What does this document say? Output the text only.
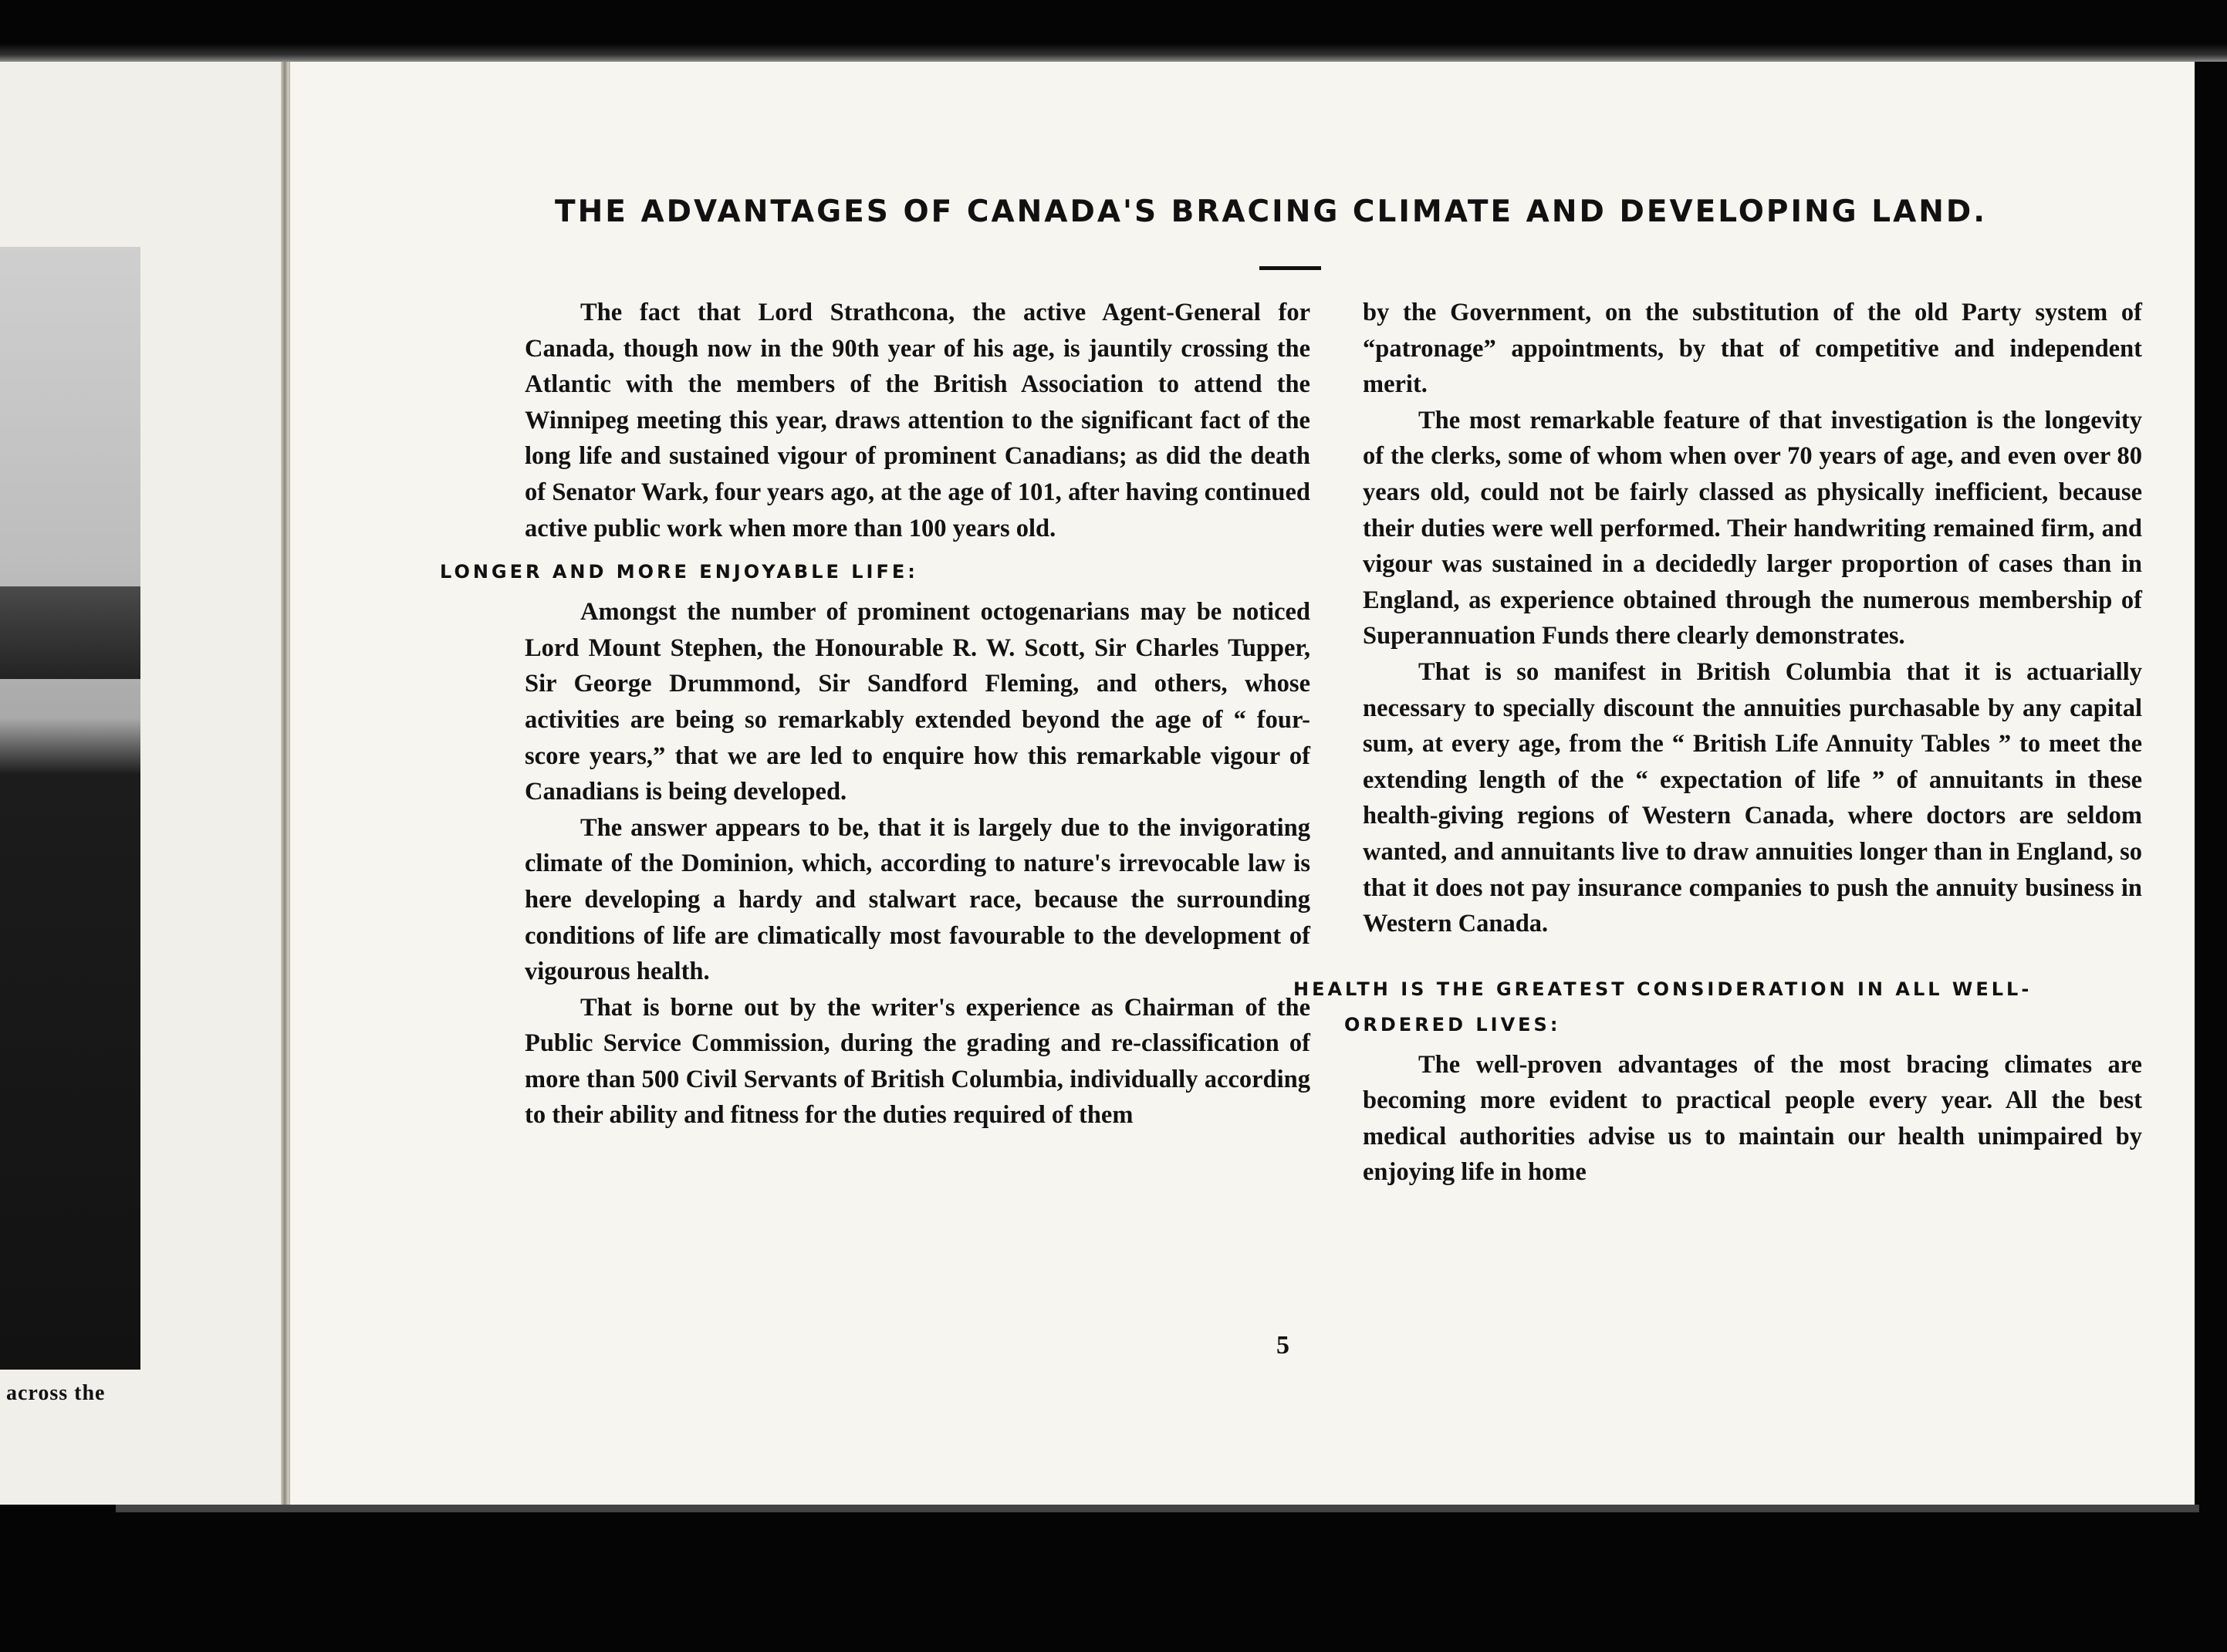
across the
THE ADVANTAGES OF CANADA'S BRACING CLIMATE AND DEVELOPING LAND.

The fact that Lord Strathcona, the active Agent-General for Canada, though now in the 90th year of his age, is jauntily crossing the Atlantic with the members of the British Association to attend the Winnipeg meeting this year, draws attention to the significant fact of the long life and sustained vigour of prominent Canadians; as did the death of Senator Wark, four years ago, at the age of 101, after having continued active public work when more than 100 years old.

LONGER AND MORE ENJOYABLE LIFE:

Amongst the number of prominent octogenarians may be noticed Lord Mount Stephen, the Honourable R. W. Scott, Sir Charles Tupper, Sir George Drummond, Sir Sandford Fleming, and others, whose activities are being so remarkably extended beyond the age of “ four-score years,” that we are led to enquire how this remarkable vigour of Canadians is being developed.

The answer appears to be, that it is largely due to the invigorating climate of the Dominion, which, according to nature's irrevocable law is here developing a hardy and stalwart race, because the surrounding conditions of life are climatically most favourable to the development of vigourous health.

That is borne out by the writer's experience as Chairman of the Public Service Commission, during the grading and re-classification of more than 500 Civil Servants of British Columbia, individually according to their ability and fitness for the duties required of them

by the Government, on the substitution of the old Party system of “patronage” appointments, by that of competitive and independent merit.

The most remarkable feature of that investigation is the longevity of the clerks, some of whom when over 70 years of age, and even over 80 years old, could not be fairly classed as physically inefficient, because their duties were well performed. Their handwriting remained firm, and vigour was sustained in a decidedly larger proportion of cases than in England, as experience obtained through the numerous membership of Superannuation Funds there clearly demonstrates.

That is so manifest in British Columbia that it is actuarially necessary to specially discount the annuities purchasable by any capital sum, at every age, from the “ British Life Annuity Tables ” to meet the extending length of the “ expectation of life ” of annuitants in these health-giving regions of Western Canada, where doctors are seldom wanted, and annuitants live to draw annuities longer than in England, so that it does not pay insurance companies to push the annuity business in Western Canada.

HEALTH IS THE GREATEST CONSIDERATION IN ALL WELL-
ORDERED LIVES:

The well-proven advantages of the most bracing climates are becoming more evident to practical people every year. All the best medical authorities advise us to maintain our health unimpaired by enjoying life in home

5
